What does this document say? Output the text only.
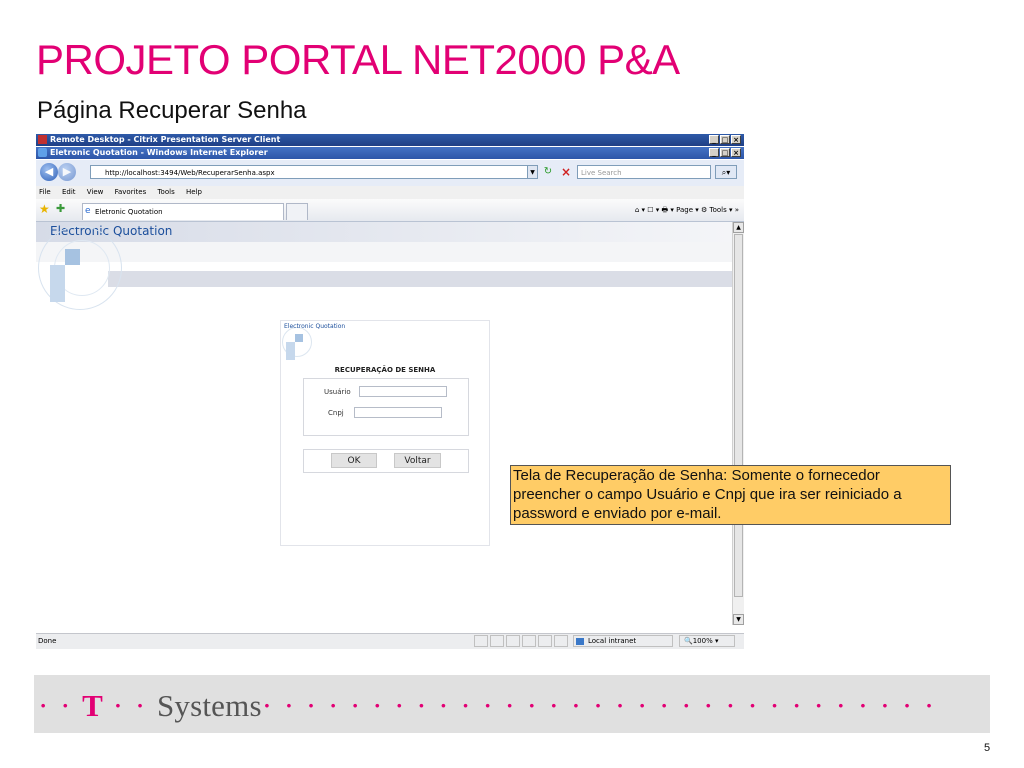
PROJETO PORTAL NET2000 P&A
Página Recuperar Senha
Remote Desktop - Citrix Presentation Server Client	_ □ ×
Eletronic Quotation - Windows Internet Explorer	_ □ ×
◀ ▶	http://localhost:3494/Web/RecuperarSenha.aspx	▼ ↻ ×	Live Search	⌕▾
File Edit View Favorites Tools Help
★ ✚ e Eletronic Quotation	⌂ ▾ ☐ ▾ 🖶 ▾ Page ▾ ⚙ Tools ▾ »
Electronic Quotation
Electronic Quotation
RECUPERAÇÃO DE SENHA
Usuário
Cnpj
OK	Voltar
▲
▼
Done	Local intranet	🔍100% ▾
Tela de Recuperação de Senha: Somente o fornecedor preencher o campo Usuário e Cnpj que ira ser reiniciado a password e enviado por e-mail.
· · T · · Systems· · · · · · · · · · · · · · · · · · · · · · · · · · · · · · ·
5
